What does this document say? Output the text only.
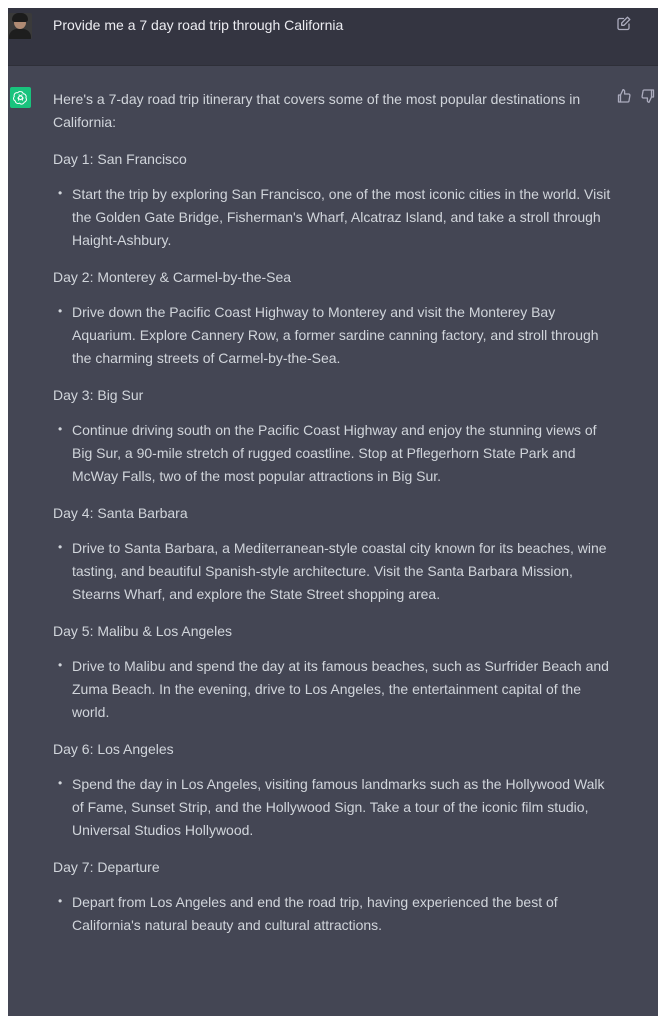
Provide me a 7 day road trip through California

Here's a 7-day road trip itinerary that covers some of the most popular destinations in California:

Day 1: San Francisco

• Start the trip by exploring San Francisco, one of the most iconic cities in the world. Visit the Golden Gate Bridge, Fisherman's Wharf, Alcatraz Island, and take a stroll through Haight-Ashbury.

Day 2: Monterey & Carmel-by-the-Sea

• Drive down the Pacific Coast Highway to Monterey and visit the Monterey Bay Aquarium. Explore Cannery Row, a former sardine canning factory, and stroll through the charming streets of Carmel-by-the-Sea.

Day 3: Big Sur

• Continue driving south on the Pacific Coast Highway and enjoy the stunning views of Big Sur, a 90-mile stretch of rugged coastline. Stop at Pflegerhorn State Park and McWay Falls, two of the most popular attractions in Big Sur.

Day 4: Santa Barbara

• Drive to Santa Barbara, a Mediterranean-style coastal city known for its beaches, wine tasting, and beautiful Spanish-style architecture. Visit the Santa Barbara Mission, Stearns Wharf, and explore the State Street shopping area.

Day 5: Malibu & Los Angeles

• Drive to Malibu and spend the day at its famous beaches, such as Surfrider Beach and Zuma Beach. In the evening, drive to Los Angeles, the entertainment capital of the world.

Day 6: Los Angeles

• Spend the day in Los Angeles, visiting famous landmarks such as the Hollywood Walk of Fame, Sunset Strip, and the Hollywood Sign. Take a tour of the iconic film studio, Universal Studios Hollywood.

Day 7: Departure

• Depart from Los Angeles and end the road trip, having experienced the best of California's natural beauty and cultural attractions.
